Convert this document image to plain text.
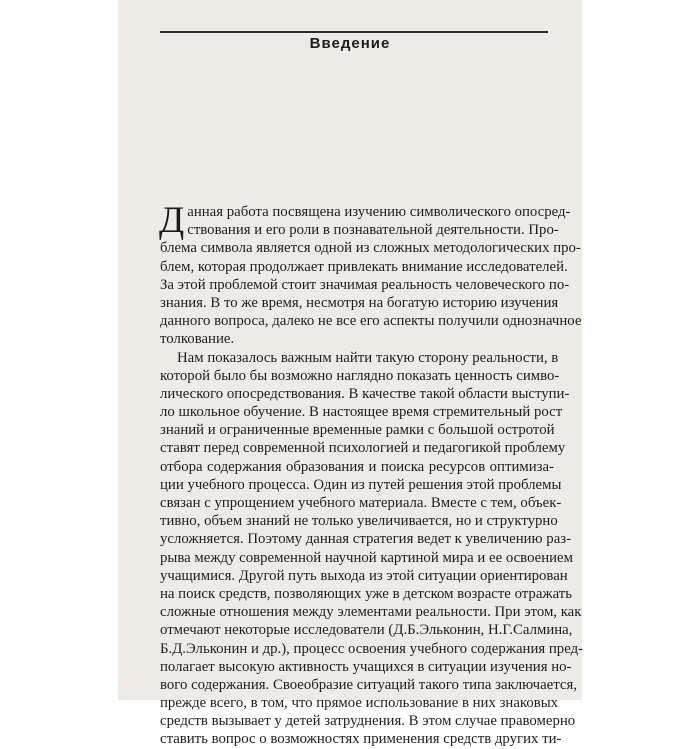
Введение
Д анная работа посвящена изучению символического опосред-
ствования и его роли в познавательной деятельности. Про-
блема символа является одной из сложных методологических про-
блем, которая продолжает привлекать внимание исследователей.
За этой проблемой стоит значимая реальность человеческого по-
знания. В то же время, несмотря на богатую историю изучения
данного вопроса, далеко не все его аспекты получили однозначное
толкование.
Нам показалось важным найти такую сторону реальности, в
которой было бы возможно наглядно показать ценность симво-
лического опосредствования. В качестве такой области выступи-
ло школьное обучение. В настоящее время стремительный рост
знаний и ограниченные временные рамки с большой остротой
ставят перед современной психологией и педагогикой проблему
отбора содержания образования и поиска ресурсов оптимиза-
ции учебного процесса. Один из путей решения этой проблемы
связан с упрощением учебного материала. Вместе с тем, объек-
тивно, объем знаний не только увеличивается, но и структурно
усложняется. Поэтому данная стратегия ведет к увеличению раз-
рыва между современной научной картиной мира и ее освоением
учащимися. Другой путь выхода из этой ситуации ориентирован
на поиск средств, позволяющих уже в детском возрасте отражать
сложные отношения между элементами реальности. При этом, как
отмечают некоторые исследователи (Д.Б.Эльконин, Н.Г.Салмина,
Б.Д.Эльконин и др.), процесс освоения учебного содержания пред-
полагает высокую активность учащихся в ситуации изучения но-
вого содержания. Своеобразие ситуаций такого типа заключается,
прежде всего, в том, что прямое использование в них знаковых
средств вызывает у детей затруднения. В этом случае правомерно
ставить вопрос о возможностях применения средств других ти-
